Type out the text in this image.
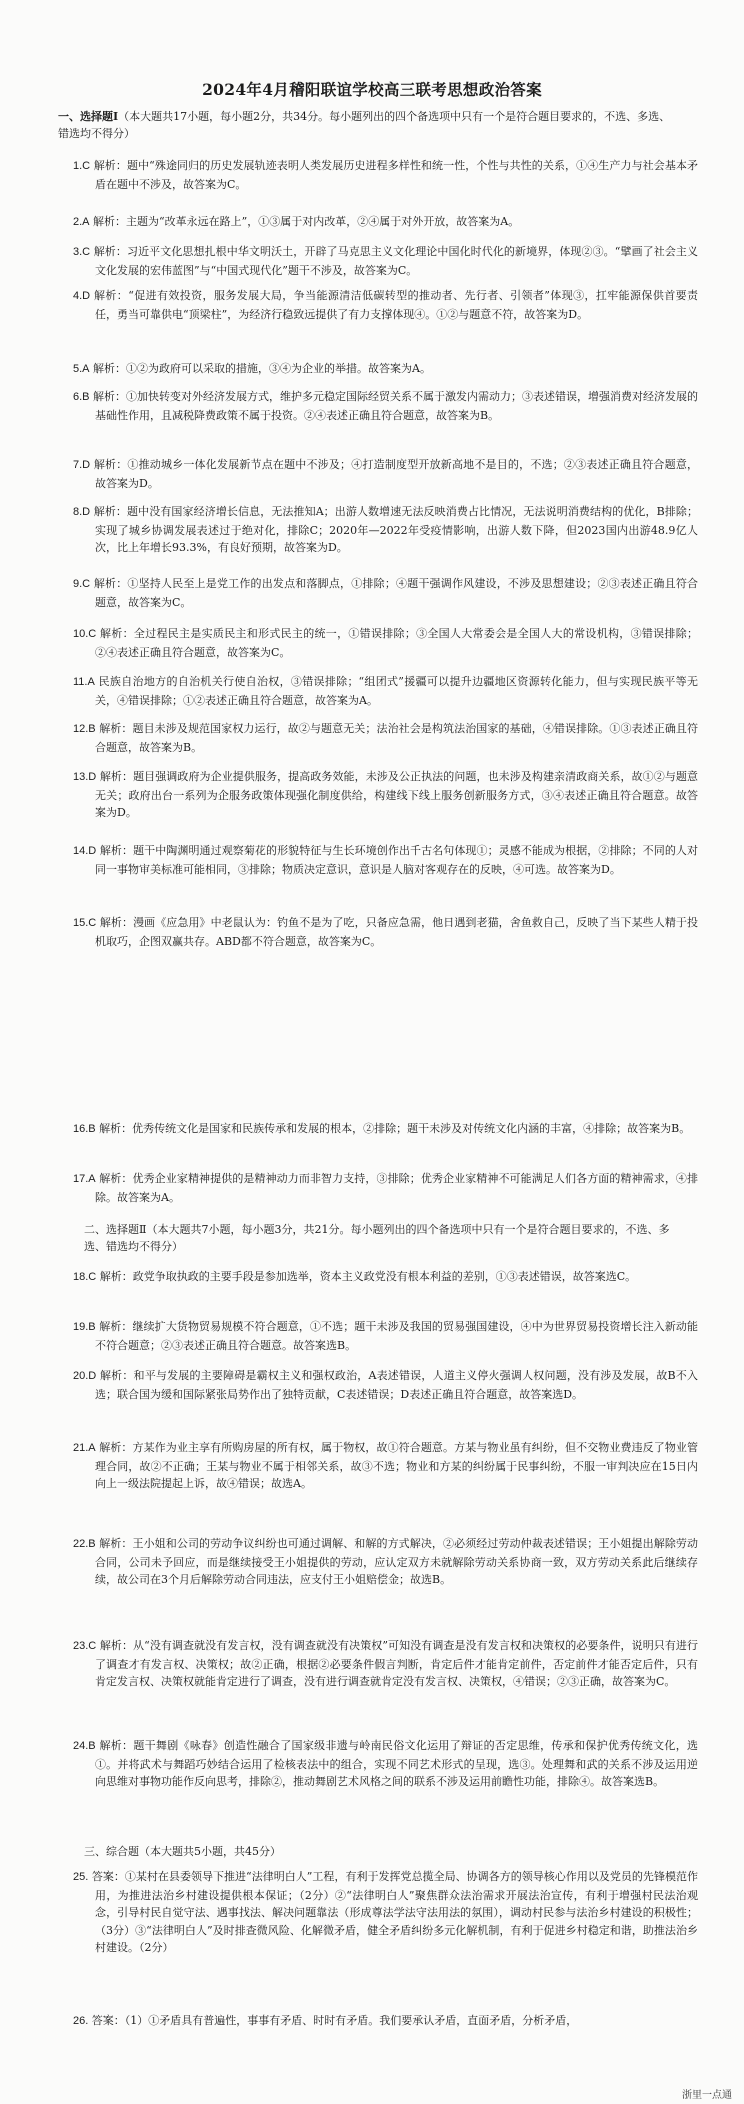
2024年4月稽阳联谊学校高三联考思想政治答案
一、选择题Ⅰ（本大题共17小题，每小题2分，共34分。每小题列出的四个备选项中只有一个是符合题目要求的，不选、多选、错选均不得分）
1.C 解析：题中“殊途同归的历史发展轨迹表明人类发展历史进程多样性和统一性，个性与共性的关系，①④生产力与社会基本矛盾在题中不涉及，故答案为C。
2.A 解析：主题为“改革永远在路上”，①③属于对内改革，②④属于对外开放，故答案为A。
3.C 解析：习近平文化思想扎根中华文明沃土，开辟了马克思主义文化理论中国化时代化的新境界，体现②③。“擘画了社会主义文化发展的宏伟蓝图”与“中国式现代化”题干不涉及，故答案为C。
4.D 解析：“促进有效投资，服务发展大局，争当能源清洁低碳转型的推动者、先行者、引领者”体现③，扛牢能源保供首要责任，勇当可靠供电“顶梁柱”，为经济行稳致远提供了有力支撑体现④。①②与题意不符，故答案为D。
5.A 解析：①②为政府可以采取的措施，③④为企业的举措。故答案为A。
6.B 解析：①加快转变对外经济发展方式，维护多元稳定国际经贸关系不属于激发内需动力；③表述错误，增强消费对经济发展的基础性作用，且减税降费政策不属于投资。②④表述正确且符合题意，故答案为B。
7.D 解析：①推动城乡一体化发展新节点在题中不涉及；④打造制度型开放新高地不是目的，不选；②③表述正确且符合题意，故答案为D。
8.D 解析：题中没有国家经济增长信息，无法推知A；出游人数增速无法反映消费占比情况，无法说明消费结构的优化，B排除；实现了城乡协调发展表述过于绝对化，排除C；2020年—2022年受疫情影响，出游人数下降，但2023国内出游48.9亿人次，比上年增长93.3%，有良好预期，故答案为D。
9.C 解析：①坚持人民至上是党工作的出发点和落脚点，①排除；④题干强调作风建设，不涉及思想建设；②③表述正确且符合题意，故答案为C。
10.C 解析：全过程民主是实质民主和形式民主的统一，①错误排除；③全国人大常委会是全国人大的常设机构，③错误排除；②④表述正确且符合题意，故答案为C。
11.A 民族自治地方的自治机关行使自治权，③错误排除；“组团式”援疆可以提升边疆地区资源转化能力，但与实现民族平等无关，④错误排除；①②表述正确且符合题意，故答案为A。
12.B 解析：题目未涉及规范国家权力运行，故②与题意无关；法治社会是构筑法治国家的基础，④错误排除。①③表述正确且符合题意，故答案为B。
13.D 解析：题目强调政府为企业提供服务，提高政务效能，未涉及公正执法的问题，也未涉及构建亲清政商关系，故①②与题意无关；政府出台一系列为企服务政策体现强化制度供给，构建线下线上服务创新服务方式，③④表述正确且符合题意。故答案为D。
14.D 解析：题干中陶渊明通过观察菊花的形貌特征与生长环境创作出千古名句体现①；灵感不能成为根据，②排除；不同的人对同一事物审美标准可能相同，③排除；物质决定意识，意识是人脑对客观存在的反映，④可选。故答案为D。
15.C 解析：漫画《应急用》中老鼠认为：钓鱼不是为了吃，只备应急需，他日遇到老猫，舍鱼救自己，反映了当下某些人精于投机取巧，企图双赢共存。ABD都不符合题意，故答案为C。
16.B 解析：优秀传统文化是国家和民族传承和发展的根本，②排除；题干未涉及对传统文化内涵的丰富，④排除；故答案为B。
17.A 解析：优秀企业家精神提供的是精神动力而非智力支持，③排除；优秀企业家精神不可能满足人们各方面的精神需求，④排除。故答案为A。
二、选择题Ⅱ（本大题共7小题，每小题3分，共21分。每小题列出的四个备选项中只有一个是符合题目要求的，不选、多选、错选均不得分）
18.C 解析：政党争取执政的主要手段是参加选举，资本主义政党没有根本利益的差别，①③表述错误，故答案选C。
19.B 解析：继续扩大货物贸易规模不符合题意，①不选；题干未涉及我国的贸易强国建设，④中为世界贸易投资增长注入新动能不符合题意；②③表述正确且符合题意。故答案选B。
20.D 解析：和平与发展的主要障碍是霸权主义和强权政治，A表述错误，人道主义停火强调人权问题，没有涉及发展，故B不入选；联合国为缓和国际紧张局势作出了独特贡献，C表述错误；D表述正确且符合题意，故答案选D。
21.A 解析：方某作为业主享有所购房屋的所有权，属于物权，故①符合题意。方某与物业虽有纠纷，但不交物业费违反了物业管理合同，故②不正确；王某与物业不属于相邻关系，故③不选；物业和方某的纠纷属于民事纠纷，不服一审判决应在15日内向上一级法院提起上诉，故④错误；故选A。
22.B 解析：王小姐和公司的劳动争议纠纷也可通过调解、和解的方式解决，②必须经过劳动仲裁表述错误；王小姐提出解除劳动合同，公司未予回应，而是继续接受王小姐提供的劳动，应认定双方未就解除劳动关系协商一致，双方劳动关系此后继续存续，故公司在3个月后解除劳动合同违法，应支付王小姐赔偿金；故选B。
23.C 解析：从“没有调查就没有发言权，没有调查就没有决策权”可知没有调查是没有发言权和决策权的必要条件，说明只有进行了调查才有发言权、决策权；故②正确，根据②必要条件假言判断，肯定后件才能肯定前件，否定前件才能否定后件，只有肯定发言权、决策权就能肯定进行了调查，没有进行调查就肯定没有发言权、决策权，④错误；②③正确，故答案为C。
24.B 解析：题干舞剧《咏春》创造性融合了国家级非遗与岭南民俗文化运用了辩证的否定思维，传承和保护优秀传统文化，选①。并将武术与舞蹈巧妙结合运用了检核表法中的组合，实现不同艺术形式的呈现，选③。处理舞和武的关系不涉及运用逆向思维对事物功能作反向思考，排除②，推动舞剧艺术风格之间的联系不涉及运用前瞻性功能，排除④。故答案选B。
三、综合题（本大题共5小题，共45分）
25. 答案：①某村在县委领导下推进“法律明白人”工程，有利于发挥党总揽全局、协调各方的领导核心作用以及党员的先锋模范作用，为推进法治乡村建设提供根本保证；（2分）②“法律明白人”聚焦群众法治需求开展法治宣传，有利于增强村民法治观念，引导村民自觉守法、遇事找法、解决问题靠法（形成尊法学法守法用法的氛围），调动村民参与法治乡村建设的积极性；（3分）③“法律明白人”及时排查微风险、化解微矛盾，健全矛盾纠纷多元化解机制，有利于促进乡村稳定和谐，助推法治乡村建设。（2分）
26. 答案：（1）①矛盾具有普遍性，事事有矛盾、时时有矛盾。我们要承认矛盾，直面矛盾，分析矛盾，
浙里一点通
